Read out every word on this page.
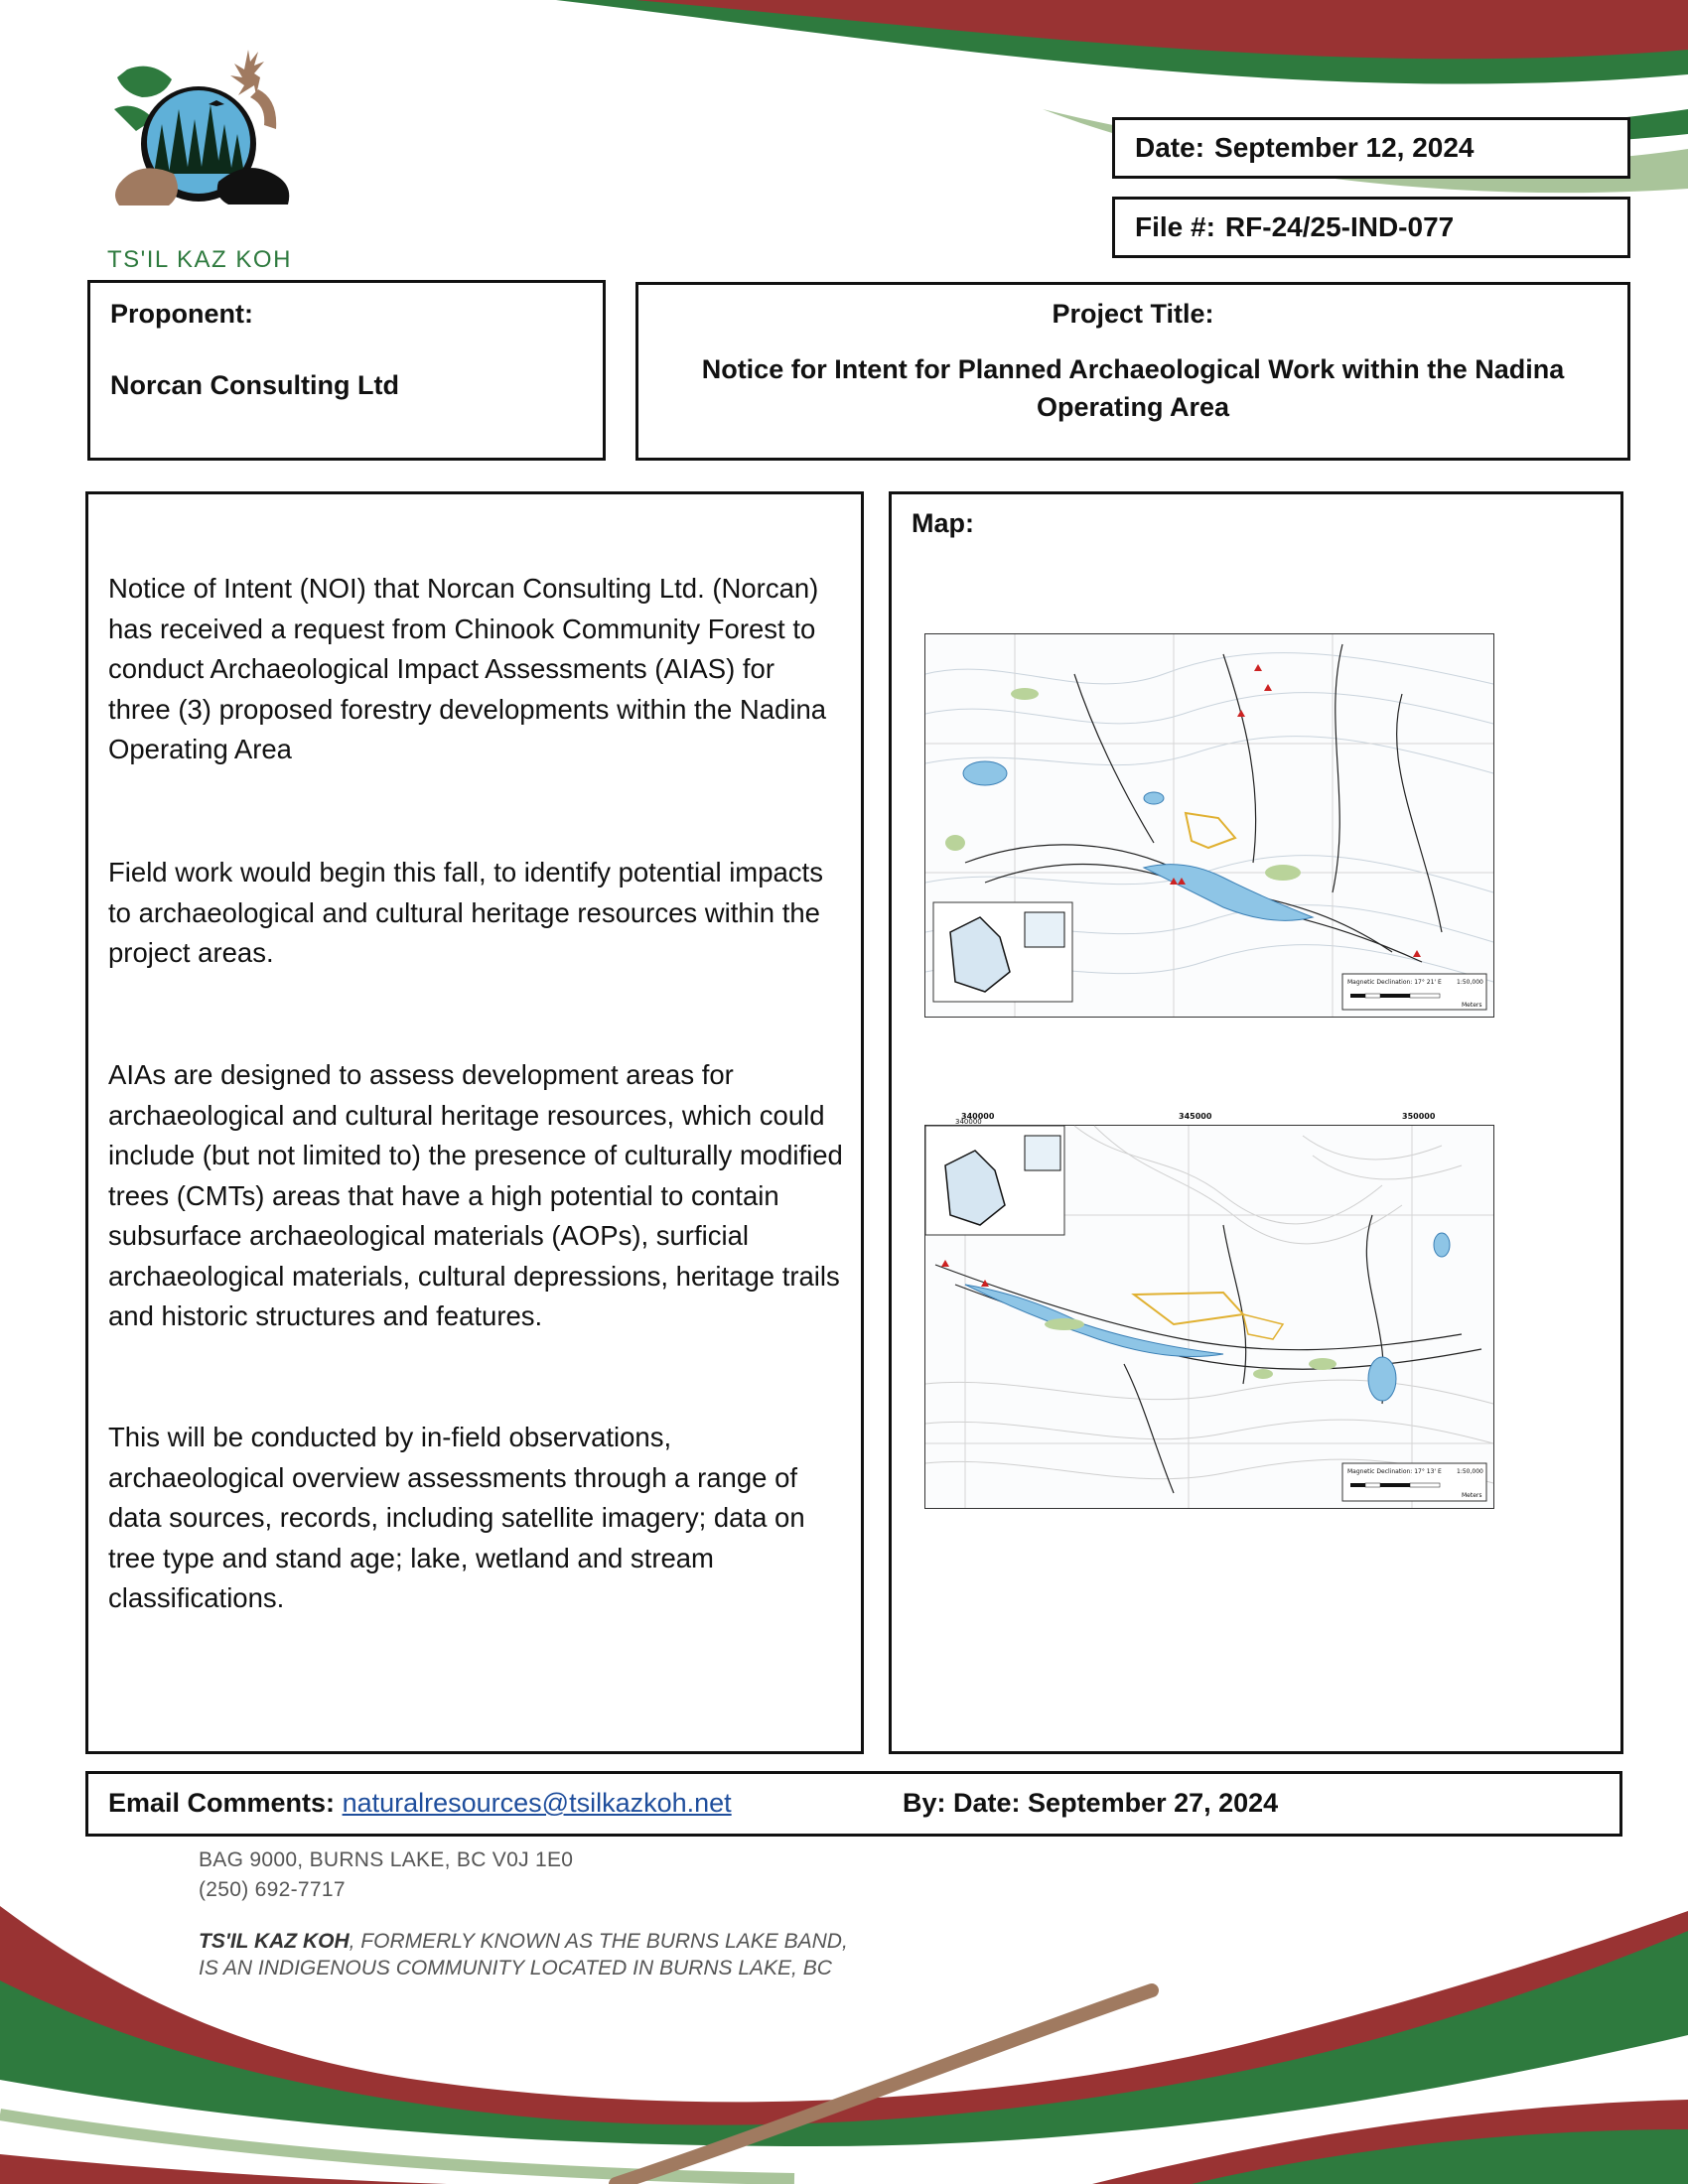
TS'IL KAZ KOH
Date: September 12, 2024
File #: RF-24/25-IND-077
Proponent:
Norcan Consulting Ltd
Project Title:
Notice for Intent for Planned Archaeological Work within the Nadina Operating Area

Notice of Intent (NOI) that Norcan Consulting Ltd. (Norcan) has received a request from Chinook Community Forest to conduct Archaeological Impact Assessments (AIAS) for three (3) proposed forestry developments within the Nadina Operating Area

Field work would begin this fall, to identify potential impacts to archaeological and cultural heritage resources within the project areas.

AIAs are designed to assess development areas for archaeological and cultural heritage resources, which could include (but not limited to) the presence of culturally modified trees (CMTs) areas that have a high potential to contain subsurface archaeological materials (AOPs), surficial archaeological materials, cultural depressions, heritage trails and historic structures and features.

This will be conducted by in-field observations, archaeological overview assessments through a range of data sources, records, including satellite imagery; data on tree type and stand age; lake, wetland and stream classifications.

Map:
Magnetic Declination: 17° 21' E	1:50,000
Meters
340000
Magnetic Declination: 17° 13' E	1:50,000
Meters
340000	345000	350000
Email Comments: naturalresources@tsilkazkoh.net	By: Date: September 27, 2024
BAG 9000, BURNS LAKE, BC V0J 1E0
(250) 692-7717
TS'IL KAZ KOH, FORMERLY KNOWN AS THE BURNS LAKE BAND,
IS AN INDIGENOUS COMMUNITY LOCATED IN BURNS LAKE, BC
